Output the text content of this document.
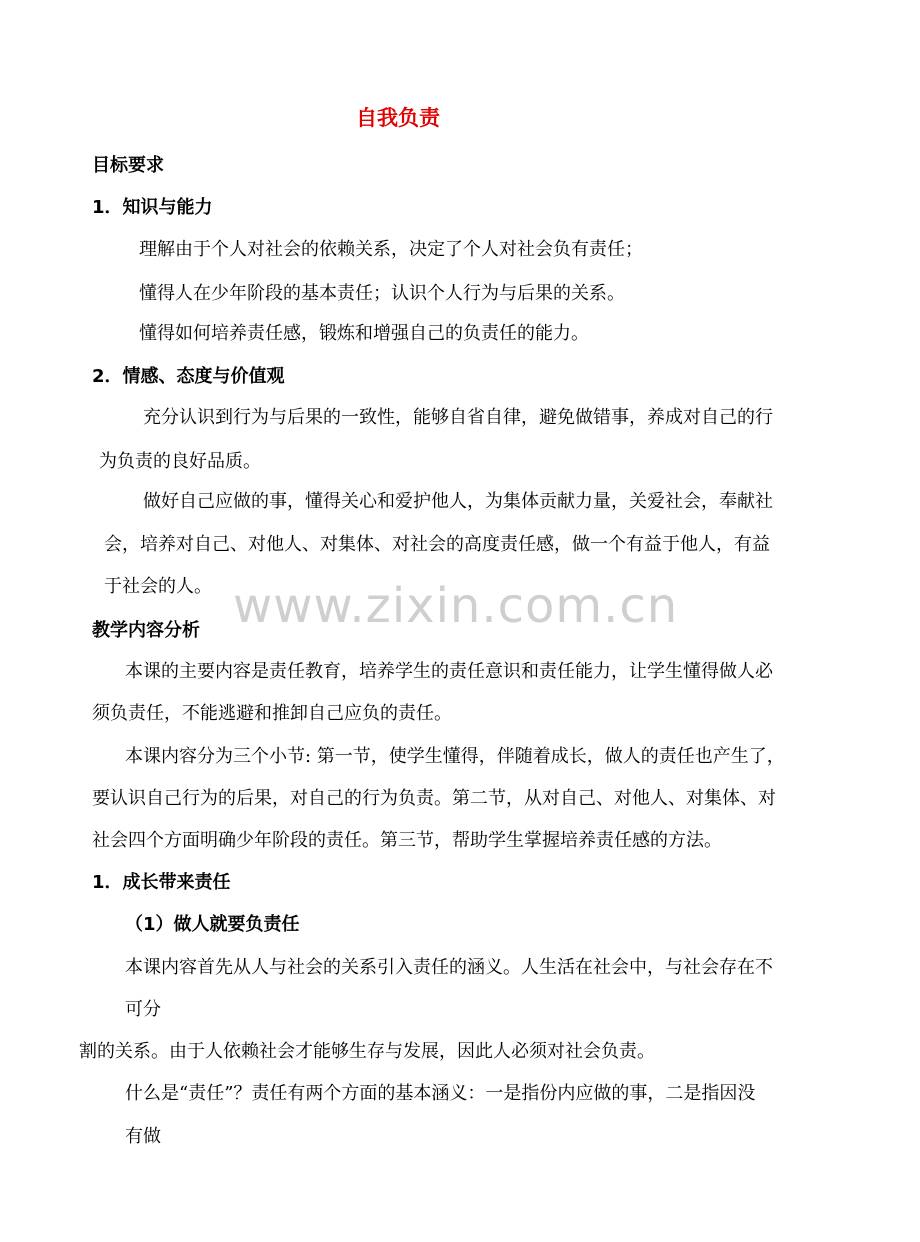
自我负责
目标要求
1．知识与能力
理解由于个人对社会的依赖关系，决定了个人对社会负有责任；
懂得人在少年阶段的基本责任；认识个人行为与后果的关系。
懂得如何培养责任感，锻炼和增强自己的负责任的能力。
2．情感、态度与价值观
充分认识到行为与后果的一致性，能够自省自律，避免做错事，养成对自己的行
为负责的良好品质。
做好自己应做的事，懂得关心和爱护他人，为集体贡献力量，关爱社会，奉献社
会，培养对自己、对他人、对集体、对社会的高度责任感，做一个有益于他人，有益
于社会的人。
教学内容分析
本课的主要内容是责任教育，培养学生的责任意识和责任能力，让学生懂得做人必
须负责任，不能逃避和推卸自己应负的责任。
本课内容分为三个小节: 第一节，使学生懂得，伴随着成长，做人的责任也产生了，
要认识自己行为的后果，对自己的行为负责。第二节，从对自己、对他人、对集体、对
社会四个方面明确少年阶段的责任。第三节，帮助学生掌握培养责任感的方法。
1．成长带来责任
（1）做人就要负责任
本课内容首先从人与社会的关系引入责任的涵义。人生活在社会中，与社会存在不
可分
割的关系。由于人依赖社会才能够生存与发展，因此人必须对社会负责。
什么是“责任”？责任有两个方面的基本涵义：一是指份内应做的事，二是指因没
有做
www.zixin.com.cn
